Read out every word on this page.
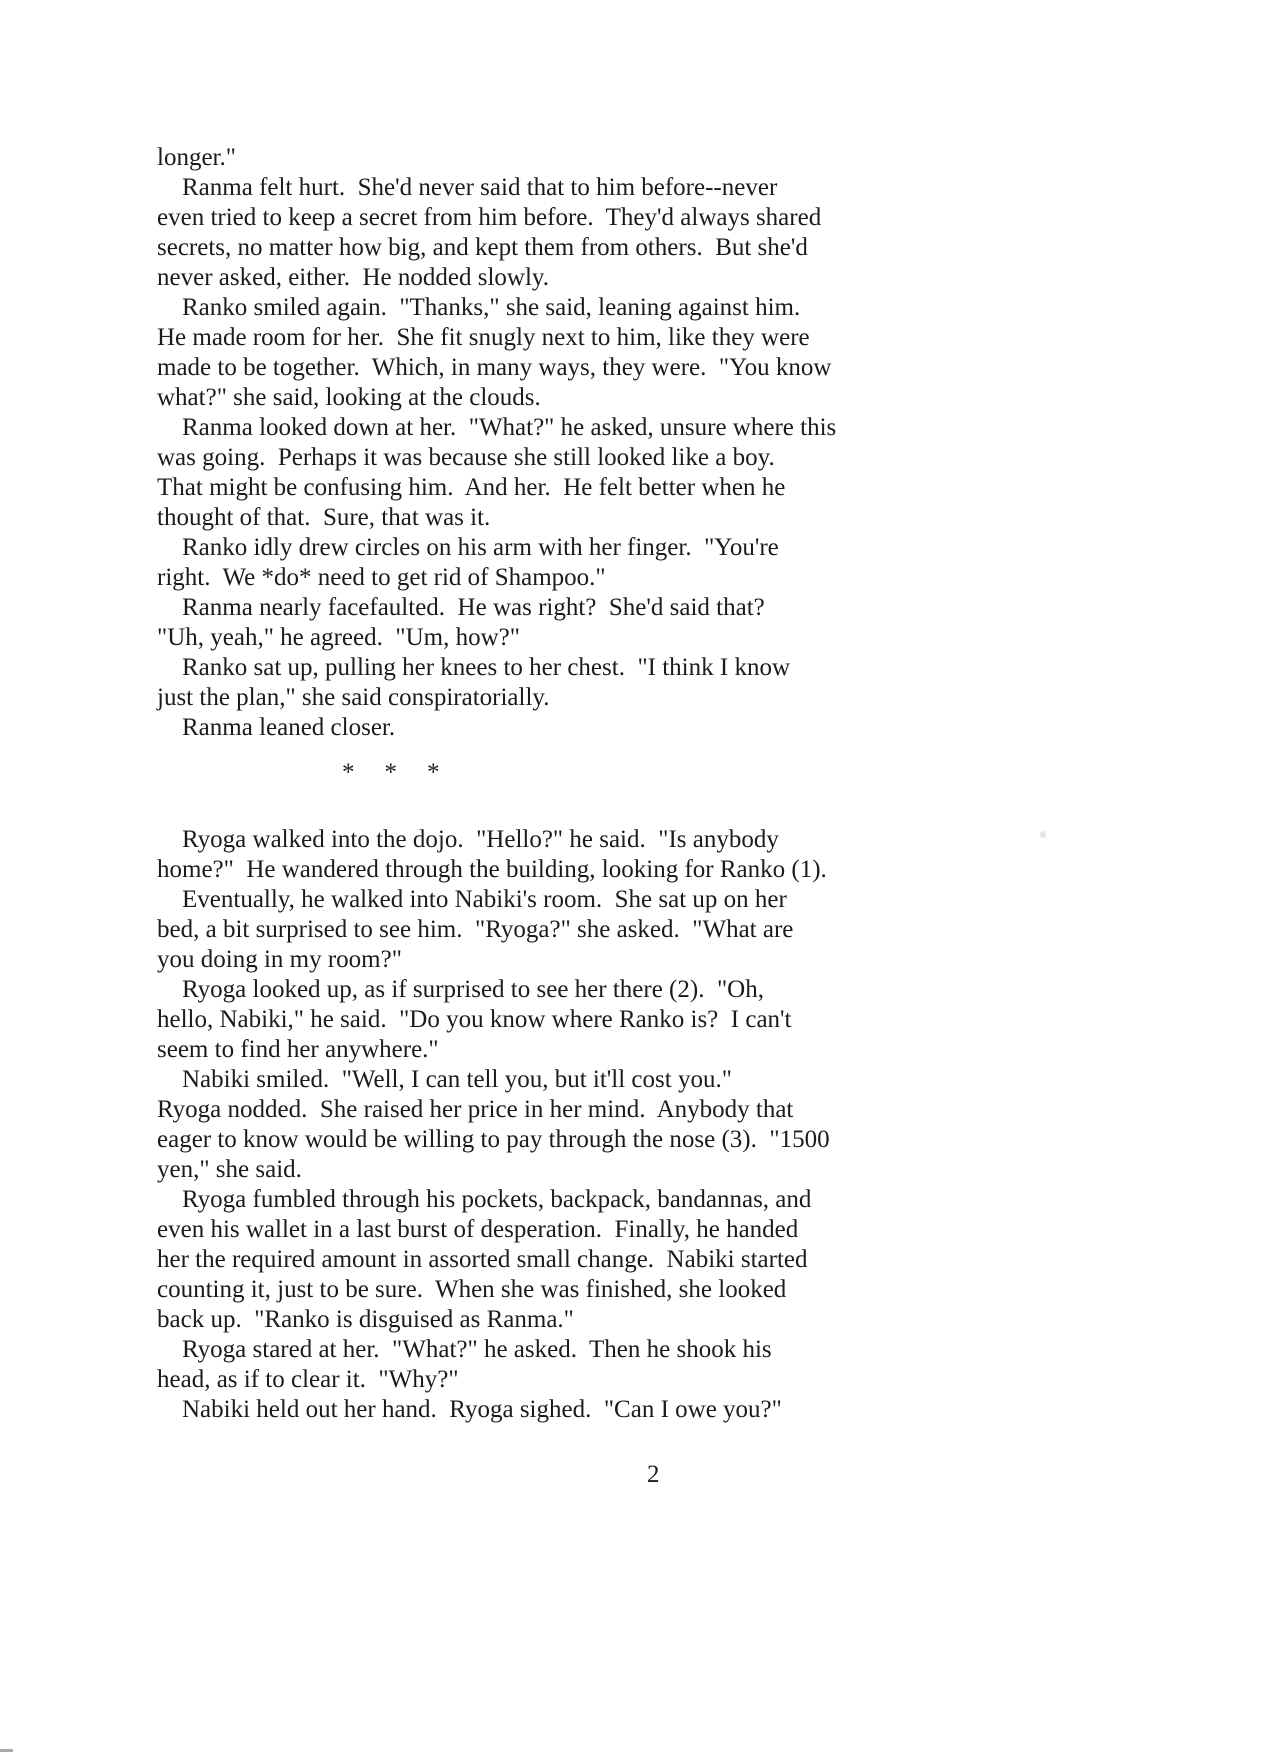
longer."
Ranma felt hurt.  She'd never said that to him before--never
even tried to keep a secret from him before.  They'd always shared
secrets, no matter how big, and kept them from others.  But she'd
never asked, either.  He nodded slowly.
Ranko smiled again.  "Thanks," she said, leaning against him.
He made room for her.  She fit snugly next to him, like they were
made to be together.  Which, in many ways, they were.  "You know
what?" she said, looking at the clouds.
Ranma looked down at her.  "What?" he asked, unsure where this
was going.  Perhaps it was because she still looked like a boy.
That might be confusing him.  And her.  He felt better when he
thought of that.  Sure, that was it.
Ranko idly drew circles on his arm with her finger.  "You're
right.  We *do* need to get rid of Shampoo."
Ranma nearly facefaulted.  He was right?  She'd said that?
"Uh, yeah," he agreed.  "Um, how?"
Ranko sat up, pulling her knees to her chest.  "I think I know
just the plan," she said conspiratorially.
Ranma leaned closer.
*    *    *
Ryoga walked into the dojo.  "Hello?" he said.  "Is anybody
home?"  He wandered through the building, looking for Ranko (1).
Eventually, he walked into Nabiki's room.  She sat up on her
bed, a bit surprised to see him.  "Ryoga?" she asked.  "What are
you doing in my room?"
Ryoga looked up, as if surprised to see her there (2).  "Oh,
hello, Nabiki," he said.  "Do you know where Ranko is?  I can't
seem to find her anywhere."
Nabiki smiled.  "Well, I can tell you, but it'll cost you."
Ryoga nodded.  She raised her price in her mind.  Anybody that
eager to know would be willing to pay through the nose (3).  "1500
yen," she said.
Ryoga fumbled through his pockets, backpack, bandannas, and
even his wallet in a last burst of desperation.  Finally, he handed
her the required amount in assorted small change.  Nabiki started
counting it, just to be sure.  When she was finished, she looked
back up.  "Ranko is disguised as Ranma."
Ryoga stared at her.  "What?" he asked.  Then he shook his
head, as if to clear it.  "Why?"
Nabiki held out her hand.  Ryoga sighed.  "Can I owe you?"
2
